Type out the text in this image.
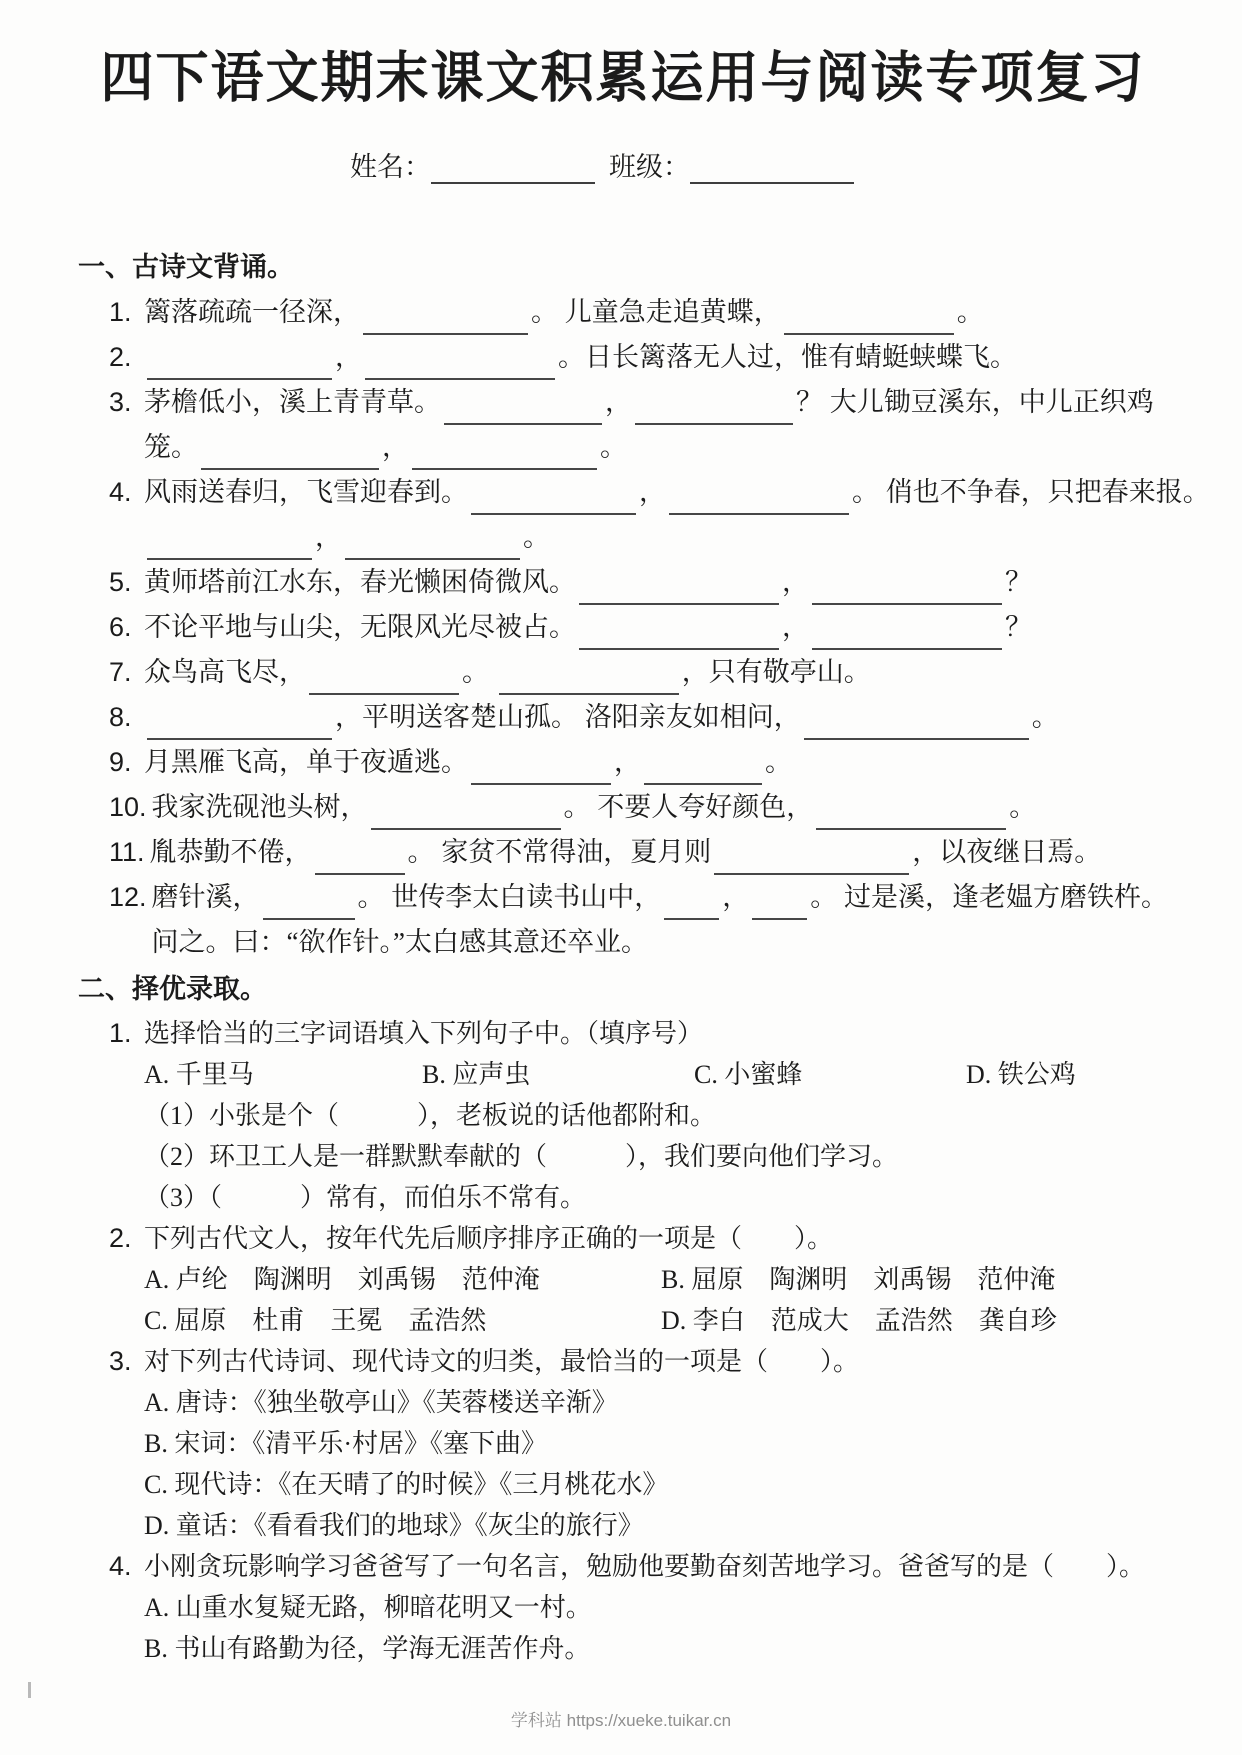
四下语文期末课文积累运用与阅读专项复习
姓名：	班级：
一、古诗文背诵。
1. 篱落疏疏一径深，	。 儿童急走追黄蝶，	。
2.	，	。日长篱落无人过，惟有蜻蜓蛱蝶飞。
3. 茅檐低小，溪上青青草。	，	？ 大儿锄豆溪东，中儿正织鸡
笼。	，	。
4. 风雨送春归，飞雪迎春到。	，	。 俏也不争春，只把春来报。
，	。
5. 黄师塔前江水东，春光懒困倚微风。	，	？
6. 不论平地与山尖，无限风光尽被占。	，	？
7. 众鸟高飞尽，	。	，只有敬亭山。
8.	，平明送客楚山孤。 洛阳亲友如相问，	。
9. 月黑雁飞高，单于夜遁逃。	，	。
10. 我家洗砚池头树，	。 不要人夸好颜色，	。
11. 胤恭勤不倦，	。 家贫不常得油，夏月则	，以夜继日焉。
12. 磨针溪，	。 世传李太白读书山中， ， 。 过是溪，逢老媪方磨铁杵。
问之。曰：“欲作针。”太白感其意还卒业。
二、择优录取。
1. 选择恰当的三字词语填入下列句子中。（填序号）
A. 千里马	B. 应声虫	C. 小蜜蜂	D. 铁公鸡
（1）小张是个（　　　），老板说的话他都附和。
（2）环卫工人是一群默默奉献的（　　　），我们要向他们学习。
（3）（　　　）常有，而伯乐不常有。
2. 下列古代文人，按年代先后顺序排序正确的一项是（　　）。
A. 卢纶　陶渊明　刘禹锡　范仲淹	B. 屈原　陶渊明　刘禹锡　范仲淹
C. 屈原　杜甫　王冕　孟浩然	D. 李白　范成大　孟浩然　龚自珍
3. 对下列古代诗词、现代诗文的归类，最恰当的一项是（　　）。
A. 唐诗：《独坐敬亭山》《芙蓉楼送辛渐》
B. 宋词：《清平乐·村居》《塞下曲》
C. 现代诗：《在天晴了的时候》《三月桃花水》
D. 童话：《看看我们的地球》《灰尘的旅行》
4. 小刚贪玩影响学习爸爸写了一句名言，勉励他要勤奋刻苦地学习。爸爸写的是（　　）。
A. 山重水复疑无路，柳暗花明又一村。
B. 书山有路勤为径，学海无涯苦作舟。
学科站 https://xueke.tuikar.cn
